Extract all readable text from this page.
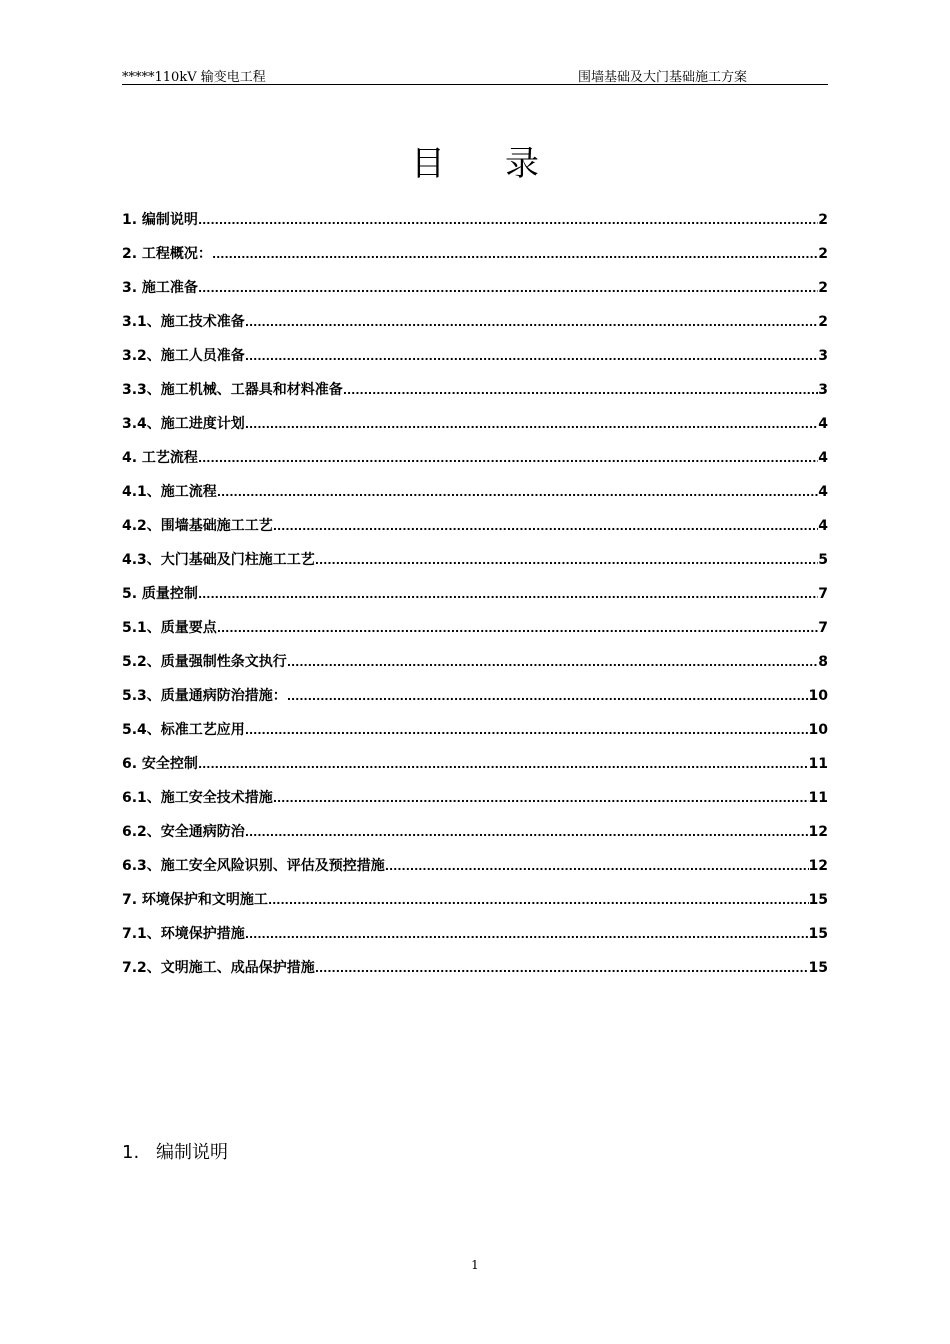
*****110kV 输变电工程	围墙基础及大门基础施工方案
目 录
1. 编制说明 .....	2
2. 工程概况： .....	2
3. 施工准备 .....	2
3.1、施工技术准备 .....	2
3.2、施工人员准备 .....	3
3.3、施工机械、工器具和材料准备 .....	3
3.4、施工进度计划 .....	4
4. 工艺流程 .....	4
4.1、施工流程 .....	4
4.2、围墙基础施工工艺 .....	4
4.3、大门基础及门柱施工工艺 .....	5
5. 质量控制 .....	7
5.1、质量要点 .....	7
5.2、质量强制性条文执行 .....	8
5.3、质量通病防治措施： .....	10
5.4、标准工艺应用 .....	10
6. 安全控制 .....	11
6.1、施工安全技术措施 .....	11
6.2、安全通病防治 .....	12
6.3、施工安全风险识别、评估及预控措施 .....	12
7. 环境保护和文明施工 .....	15
7.1、环境保护措施 .....	15
7.2、文明施工、成品保护措施 .....	15
1. 编制说明
1
